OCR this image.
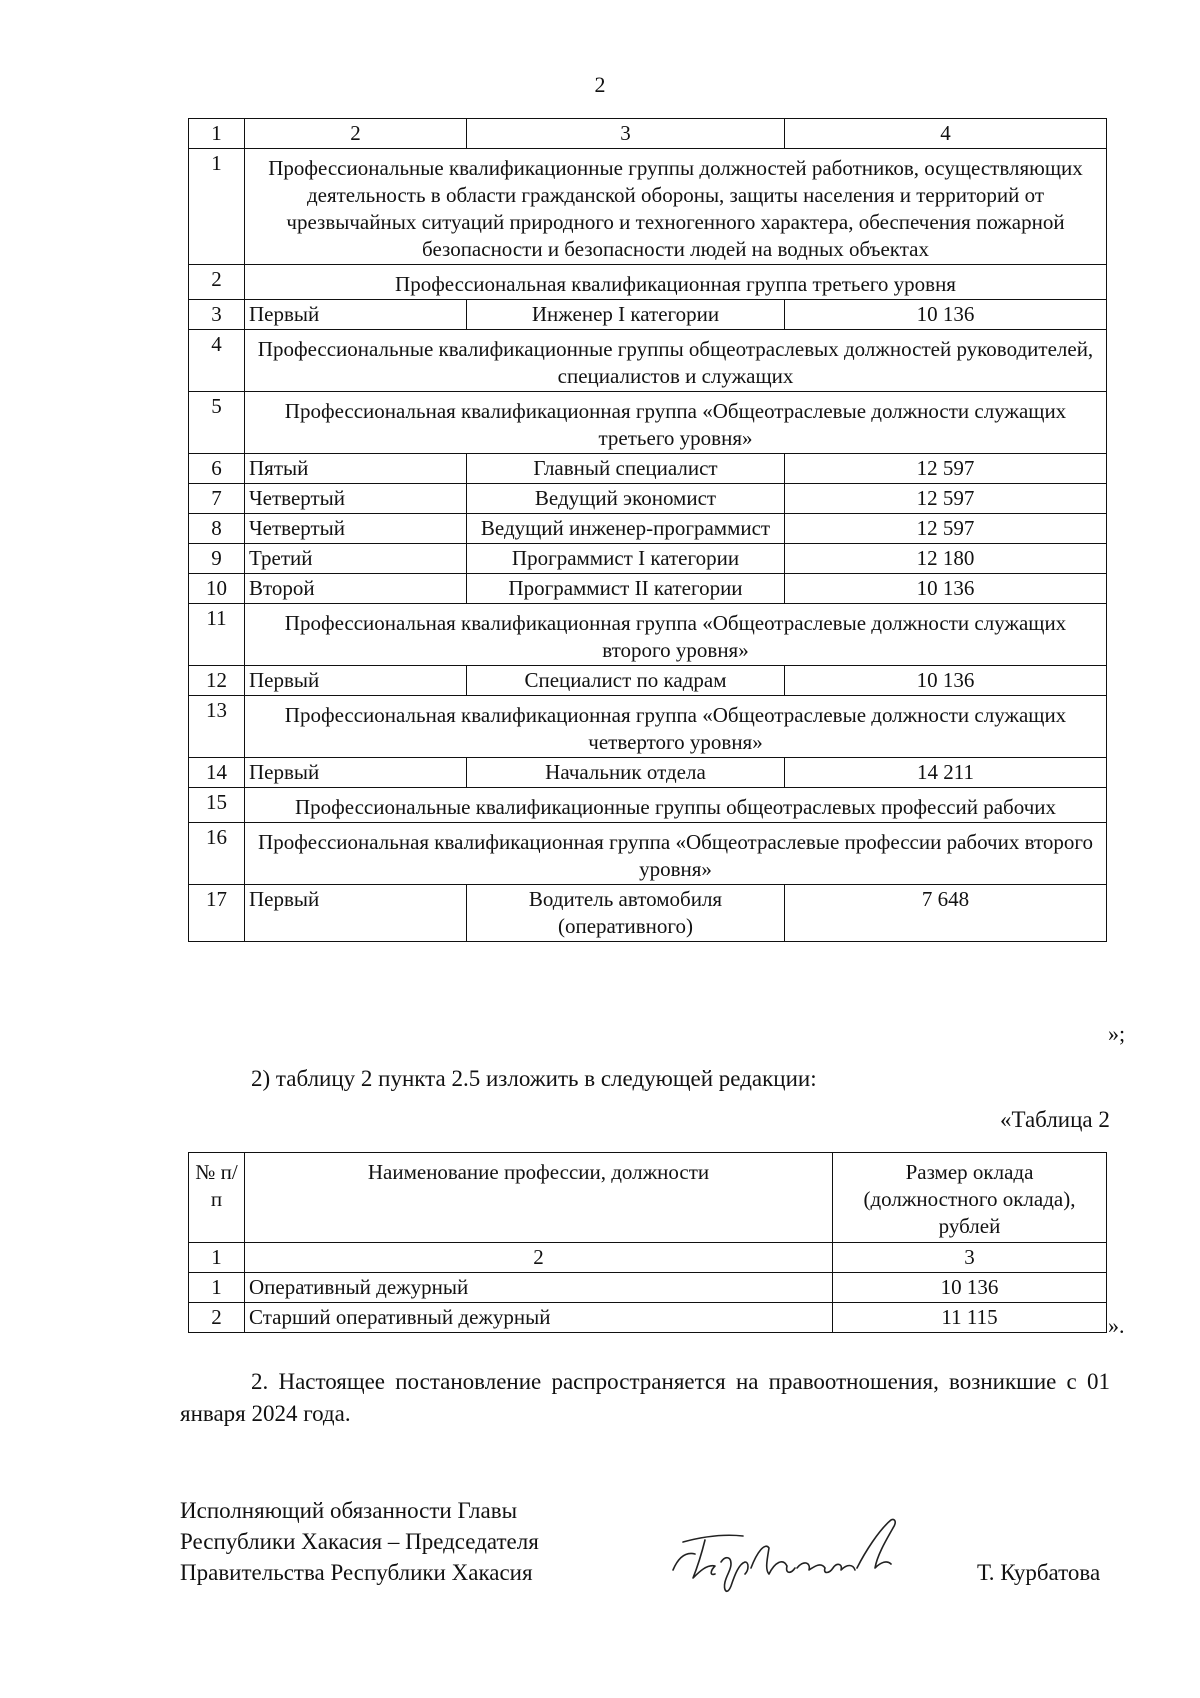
2
1	2	3	4
1	Профессиональные квалификационные группы должностей работников, осуществляющих деятельность в области гражданской обороны, защиты населения и территорий от чрезвычайных ситуаций природного и техногенного характера, обеспечения пожарной безопасности и безопасности людей на водных объектах		
2	Профессиональная квалификационная группа третьего уровня		
3	Первый	Инженер I категории	10 136
4	Профессиональные квалификационные группы общеотраслевых должностей руководителей, специалистов и служащих		
5	Профессиональная квалификационная группа «Общеотраслевые должности служащих третьего уровня»		
6	Пятый	Главный специалист	12 597
7	Четвертый	Ведущий экономист	12 597
8	Четвертый	Ведущий инженер-программист	12 597
9	Третий	Программист I категории	12 180
10	Второй	Программист II категории	10 136
11	Профессиональная квалификационная группа «Общеотраслевые должности служащих второго уровня»		
12	Первый	Специалист по кадрам	10 136
13	Профессиональная квалификационная группа «Общеотраслевые должности служащих четвертого уровня»		
14	Первый	Начальник отдела	14 211
15	Профессиональные квалификационные группы общеотраслевых профессий рабочих		
16	Профессиональная квалификационная группа «Общеотраслевые профессии рабочих второго уровня»		
17	Первый	Водитель автомобиля (оперативного)	7 648
»;
2) таблицу 2 пункта 2.5 изложить в следующей редакции:
«Таблица 2
№ п/п	Наименование профессии, должности	Размер оклада (должностного оклада), рублей
1	2	3
1	Оперативный дежурный	10 136
2	Старший оперативный дежурный	11 115	».
2. Настоящее постановление распространяется на правоотношения, возникшие с 01 января 2024 года.
Исполняющий обязанности Главы
Республики Хакасия – Председателя
Правительства Республики Хакасия	Т. Курбатова
